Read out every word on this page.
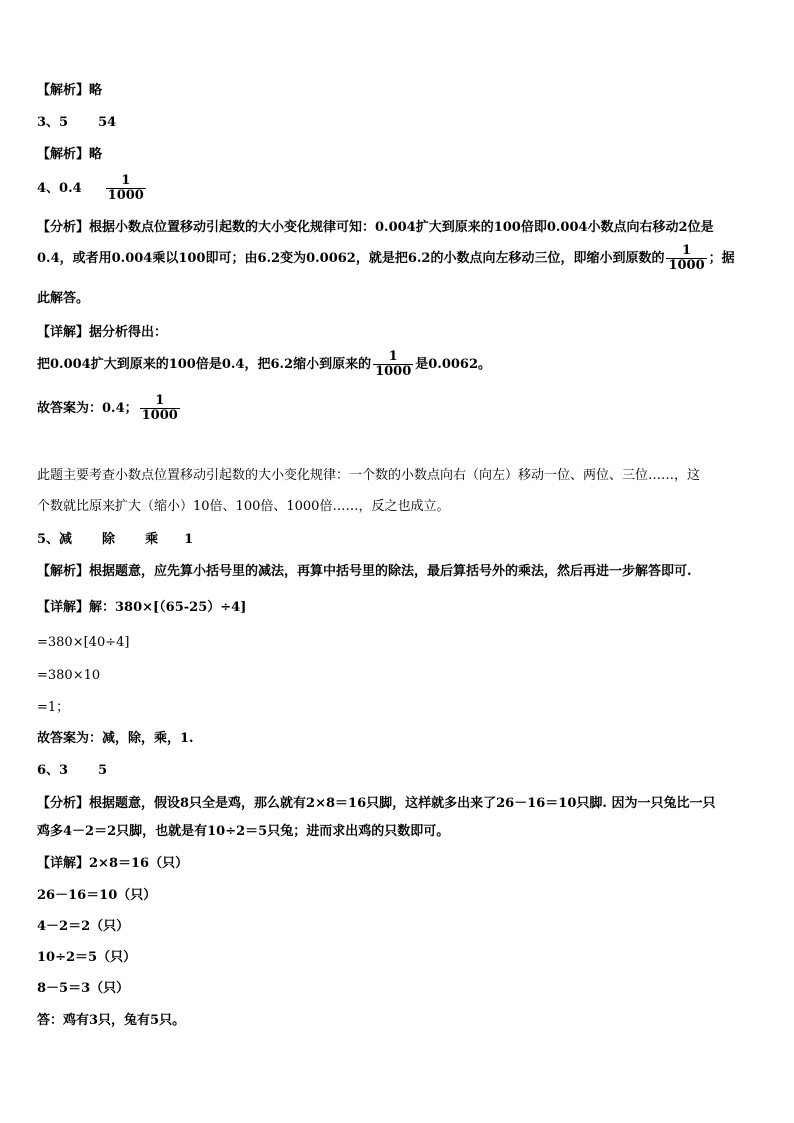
【解析】略
3、5 54
【解析】略
4、$0.4 \frac{1}{1000}$
【分析】根据小数点位置移动引起数的大小变化规律可知：0.004扩大到原来的100倍即0.004小数点向右移动2位是
0.4，或者用0.004乘以100即可；由6.2变为0.0062，就是把6.2的小数点向左移动三位，即缩小到原数的 $\frac{1}{1000}$ ；据
此解答。
【详解】据分析得出：
把0.004扩大到原来的100倍是0.4，把6.2缩小到原来的 $\frac{1}{1000}$ 是0.0062。
故答案为：0.4； $\frac{1}{1000}$
此题主要考查小数点位置移动引起数的大小变化规律：一个数的小数点向右（向左）移动一位、两位、三位……，这
个数就比原来扩大（缩小）10倍、100倍、1000倍……，反之也成立。
5、减 除 乘 1
【解析】根据题意，应先算小括号里的减法，再算中括号里的除法，最后算括号外的乘法，然后再进一步解答即可.
【详解】解：380×[（65-25）÷4]
=380×[40÷4]
=380×10
=1；
故答案为：减，除，乘，1.
6、3 5
【分析】根据题意，假设8只全是鸡，那么就有2×8＝16只脚，这样就多出来了26－16＝10只脚. 因为一只兔比一只
鸡多4－2＝2只脚，也就是有10÷2＝5只兔；进而求出鸡的只数即可。
【详解】2×8＝16（只）
26－16＝10（只）
4－2＝2（只）
10÷2＝5（只）
8－5＝3（只）
答：鸡有3只，兔有5只。
